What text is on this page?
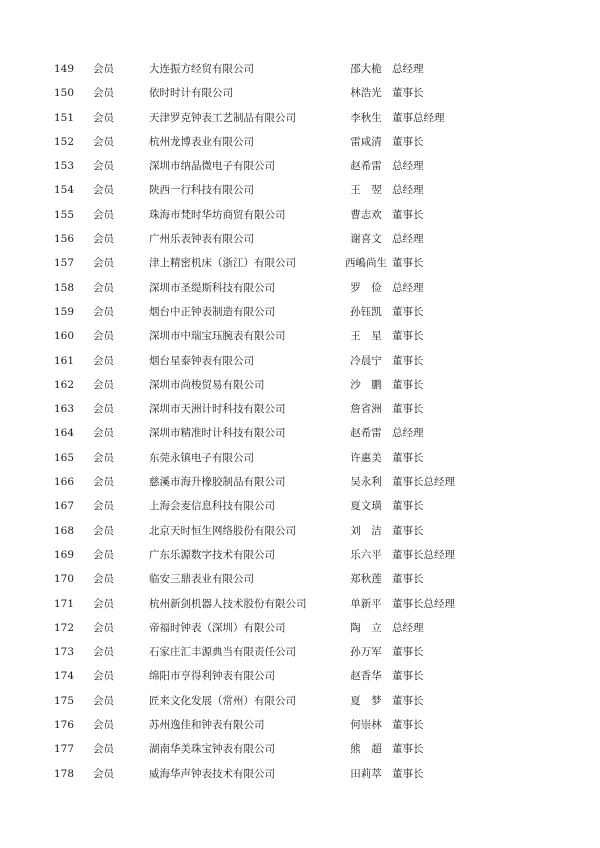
149 会员	大连振方经贸有限公司	邵大桅 总经理
150 会员	依时时计有限公司	林浩光 董事长
151 会员	天津罗克钟表工艺制品有限公司	李秋生 董事总经理
152 会员	杭州龙博表业有限公司	雷咸清 董事长
153 会员	深圳市纳晶微电子有限公司	赵希雷 总经理
154 会员	陕西一行科技有限公司	王　翌 总经理
155 会员	珠海市梵时华坊商贸有限公司	曹志欢 董事长
156 会员	广州乐表钟表有限公司	谢喜文 总经理
157 会员	津上精密机床（浙江）有限公司	西嶋尚生 董事长
158 会员	深圳市圣缇斯科技有限公司	罗　俭 总经理
159 会员	烟台中正钟表制造有限公司	孙钰凯 董事长
160 会员	深圳市中瑞宝珏腕表有限公司	王　星 董事长
161 会员	烟台星泰钟表有限公司	冷晨宁 董事长
162 会员	深圳市尚梭贸易有限公司	沙　鹏 董事长
163 会员	深圳市天洲计时科技有限公司	詹省洲 董事长
164 会员	深圳市精准时计科技有限公司	赵希雷 总经理
165 会员	东莞永镇电子有限公司	许惠美 董事长
166 会员	慈溪市海升橡胶制品有限公司	吴永利 董事长总经理
167 会员	上海会麦信息科技有限公司	夏文璜 董事长
168 会员	北京天时恒生网络股份有限公司	刘　洁 董事长
169 会员	广东乐源数字技术有限公司	乐六平 董事长总经理
170 会员	临安三鼎表业有限公司	郑秋莲 董事长
171 会员	杭州新剑机器人技术股份有限公司	单新平 董事长总经理
172 会员	帝福时钟表（深圳）有限公司	陶　立 总经理
173 会员	石家庄汇丰源典当有限责任公司	孙万军 董事长
174 会员	绵阳市亨得利钟表有限公司	赵香华 董事长
175 会员	匠来文化发展（常州）有限公司	夏　梦 董事长
176 会员	苏州逸佳和钟表有限公司	何崇林 董事长
177 会员	湖南华美珠宝钟表有限公司	熊　超 董事长
178 会员	威海华声钟表技术有限公司	田莉萃 董事长
